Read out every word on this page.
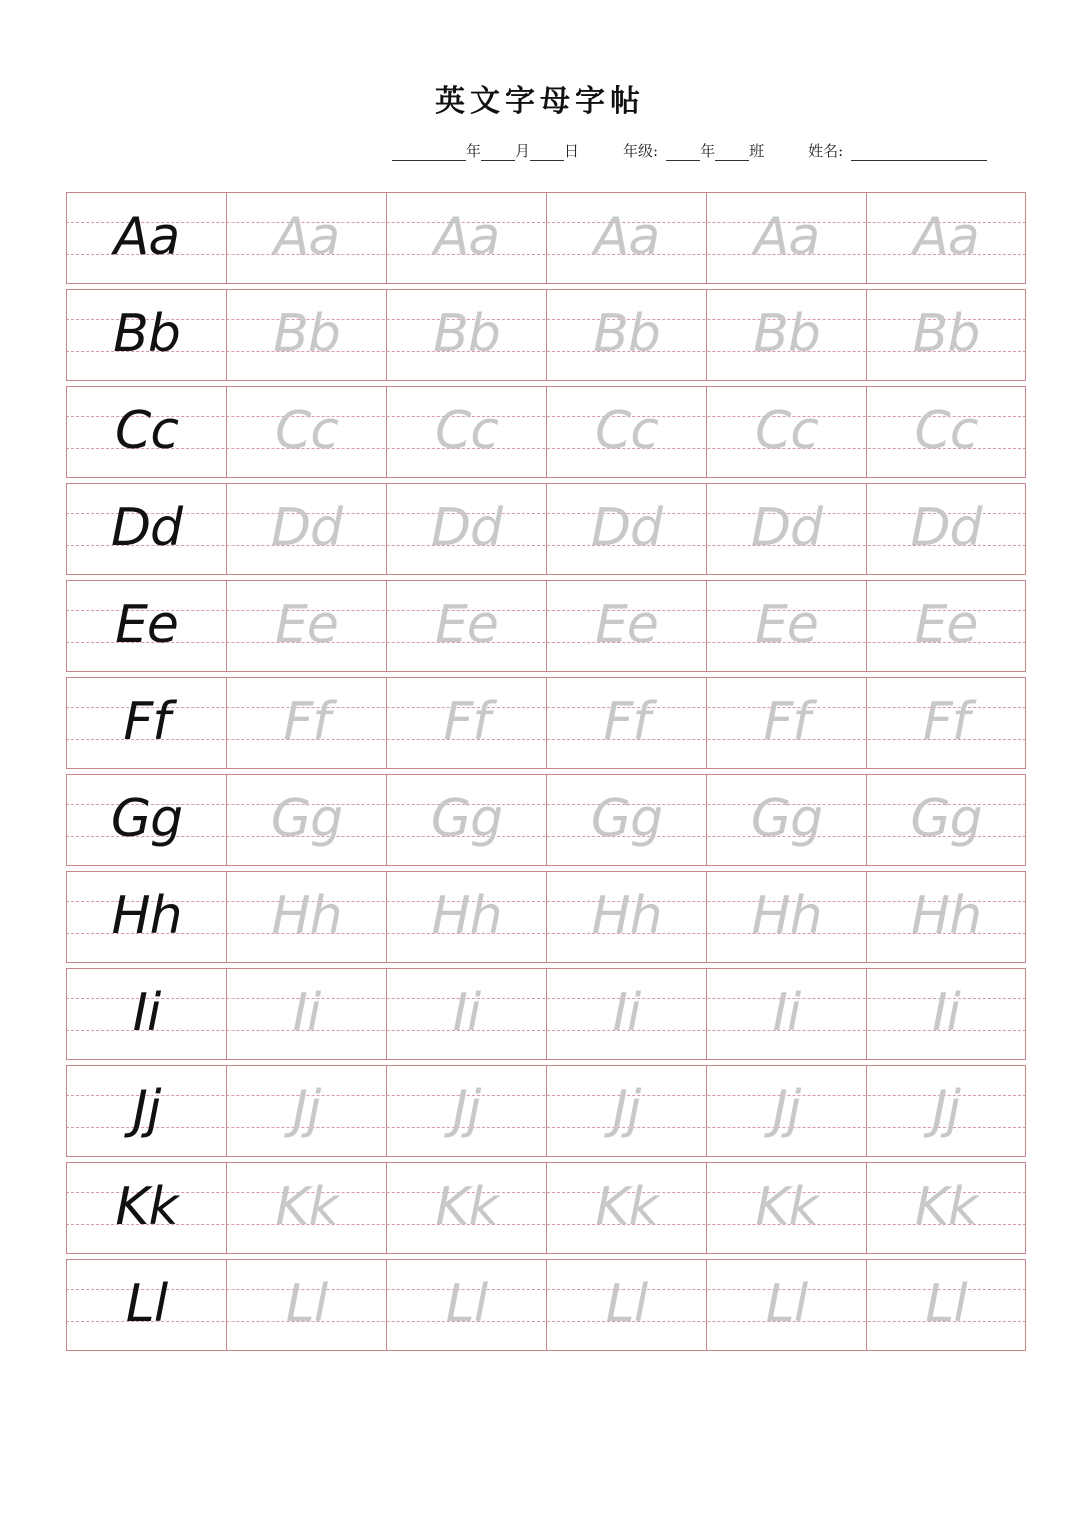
英文字母字帖
年 月 日	年级:	年 班	姓名:
Aa	Aa	Aa	Aa	Aa	Aa
Bb	Bb	Bb	Bb	Bb	Bb
Cc	Cc	Cc	Cc	Cc	Cc
Dd	Dd	Dd	Dd	Dd	Dd
Ee	Ee	Ee	Ee	Ee	Ee
Ff	Ff	Ff	Ff	Ff	Ff
Gg	Gg	Gg	Gg	Gg	Gg
Hh	Hh	Hh	Hh	Hh	Hh
Ii	Ii	Ii	Ii	Ii	Ii
Jj	Jj	Jj	Jj	Jj	Jj
Kk	Kk	Kk	Kk	Kk	Kk
Ll	Ll	Ll	Ll	Ll	Ll
